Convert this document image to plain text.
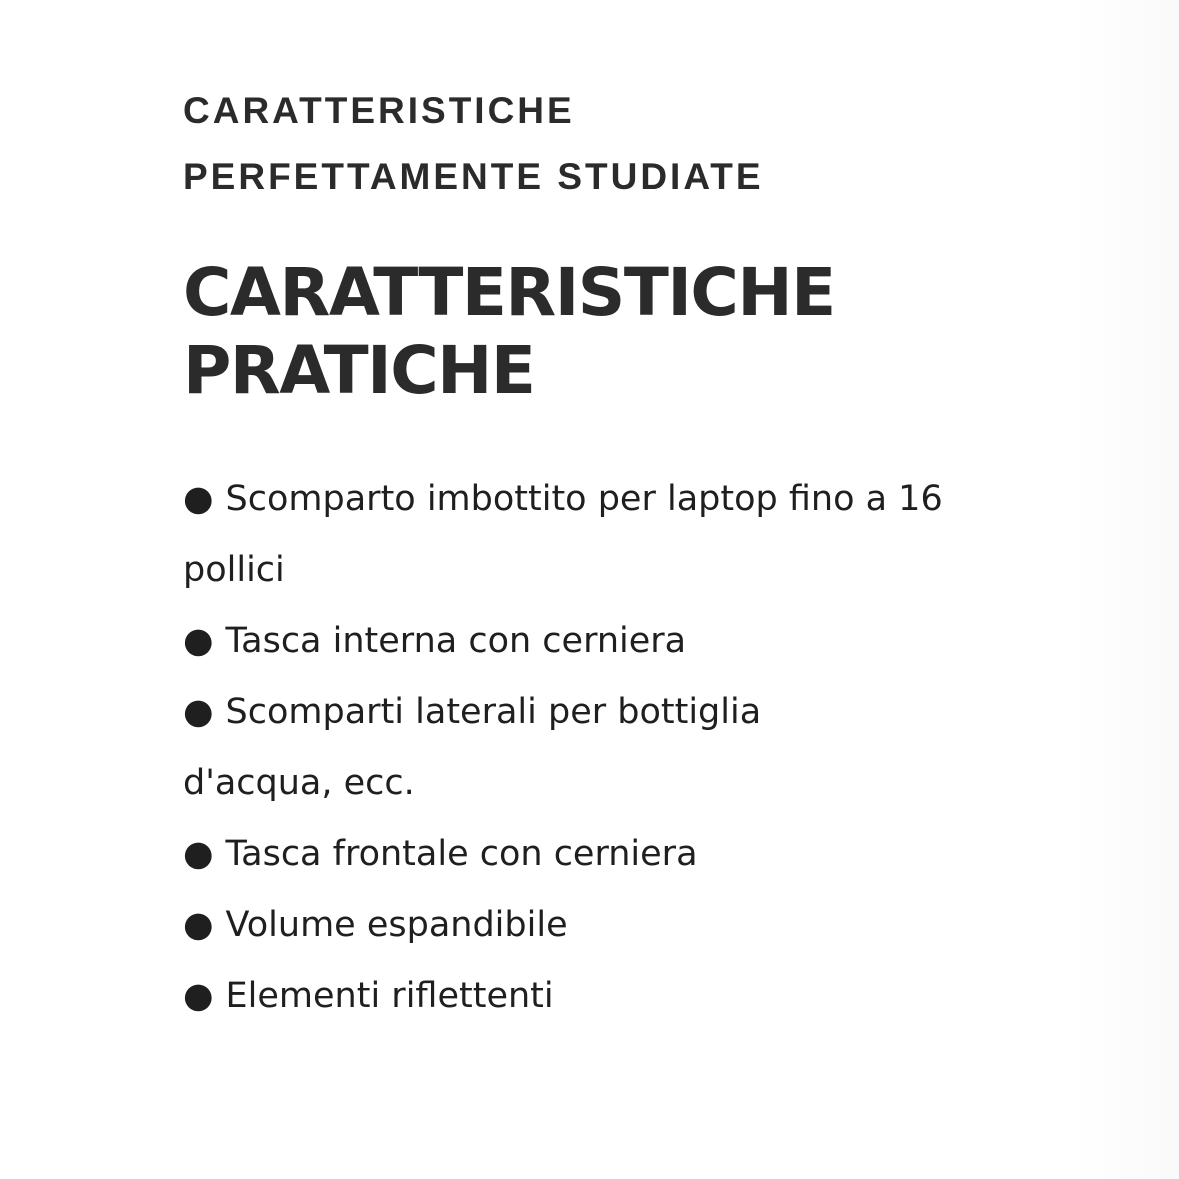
CARATTERISTICHE
PERFETTAMENTE STUDIATE
CARATTERISTICHE
PRATICHE
● Scomparto imbottito per laptop fino a 16 pollici
● Tasca interna con cerniera
● Scomparti laterali per bottiglia d'acqua, ecc.
● Tasca frontale con cerniera
● Volume espandibile
● Elementi riflettenti
